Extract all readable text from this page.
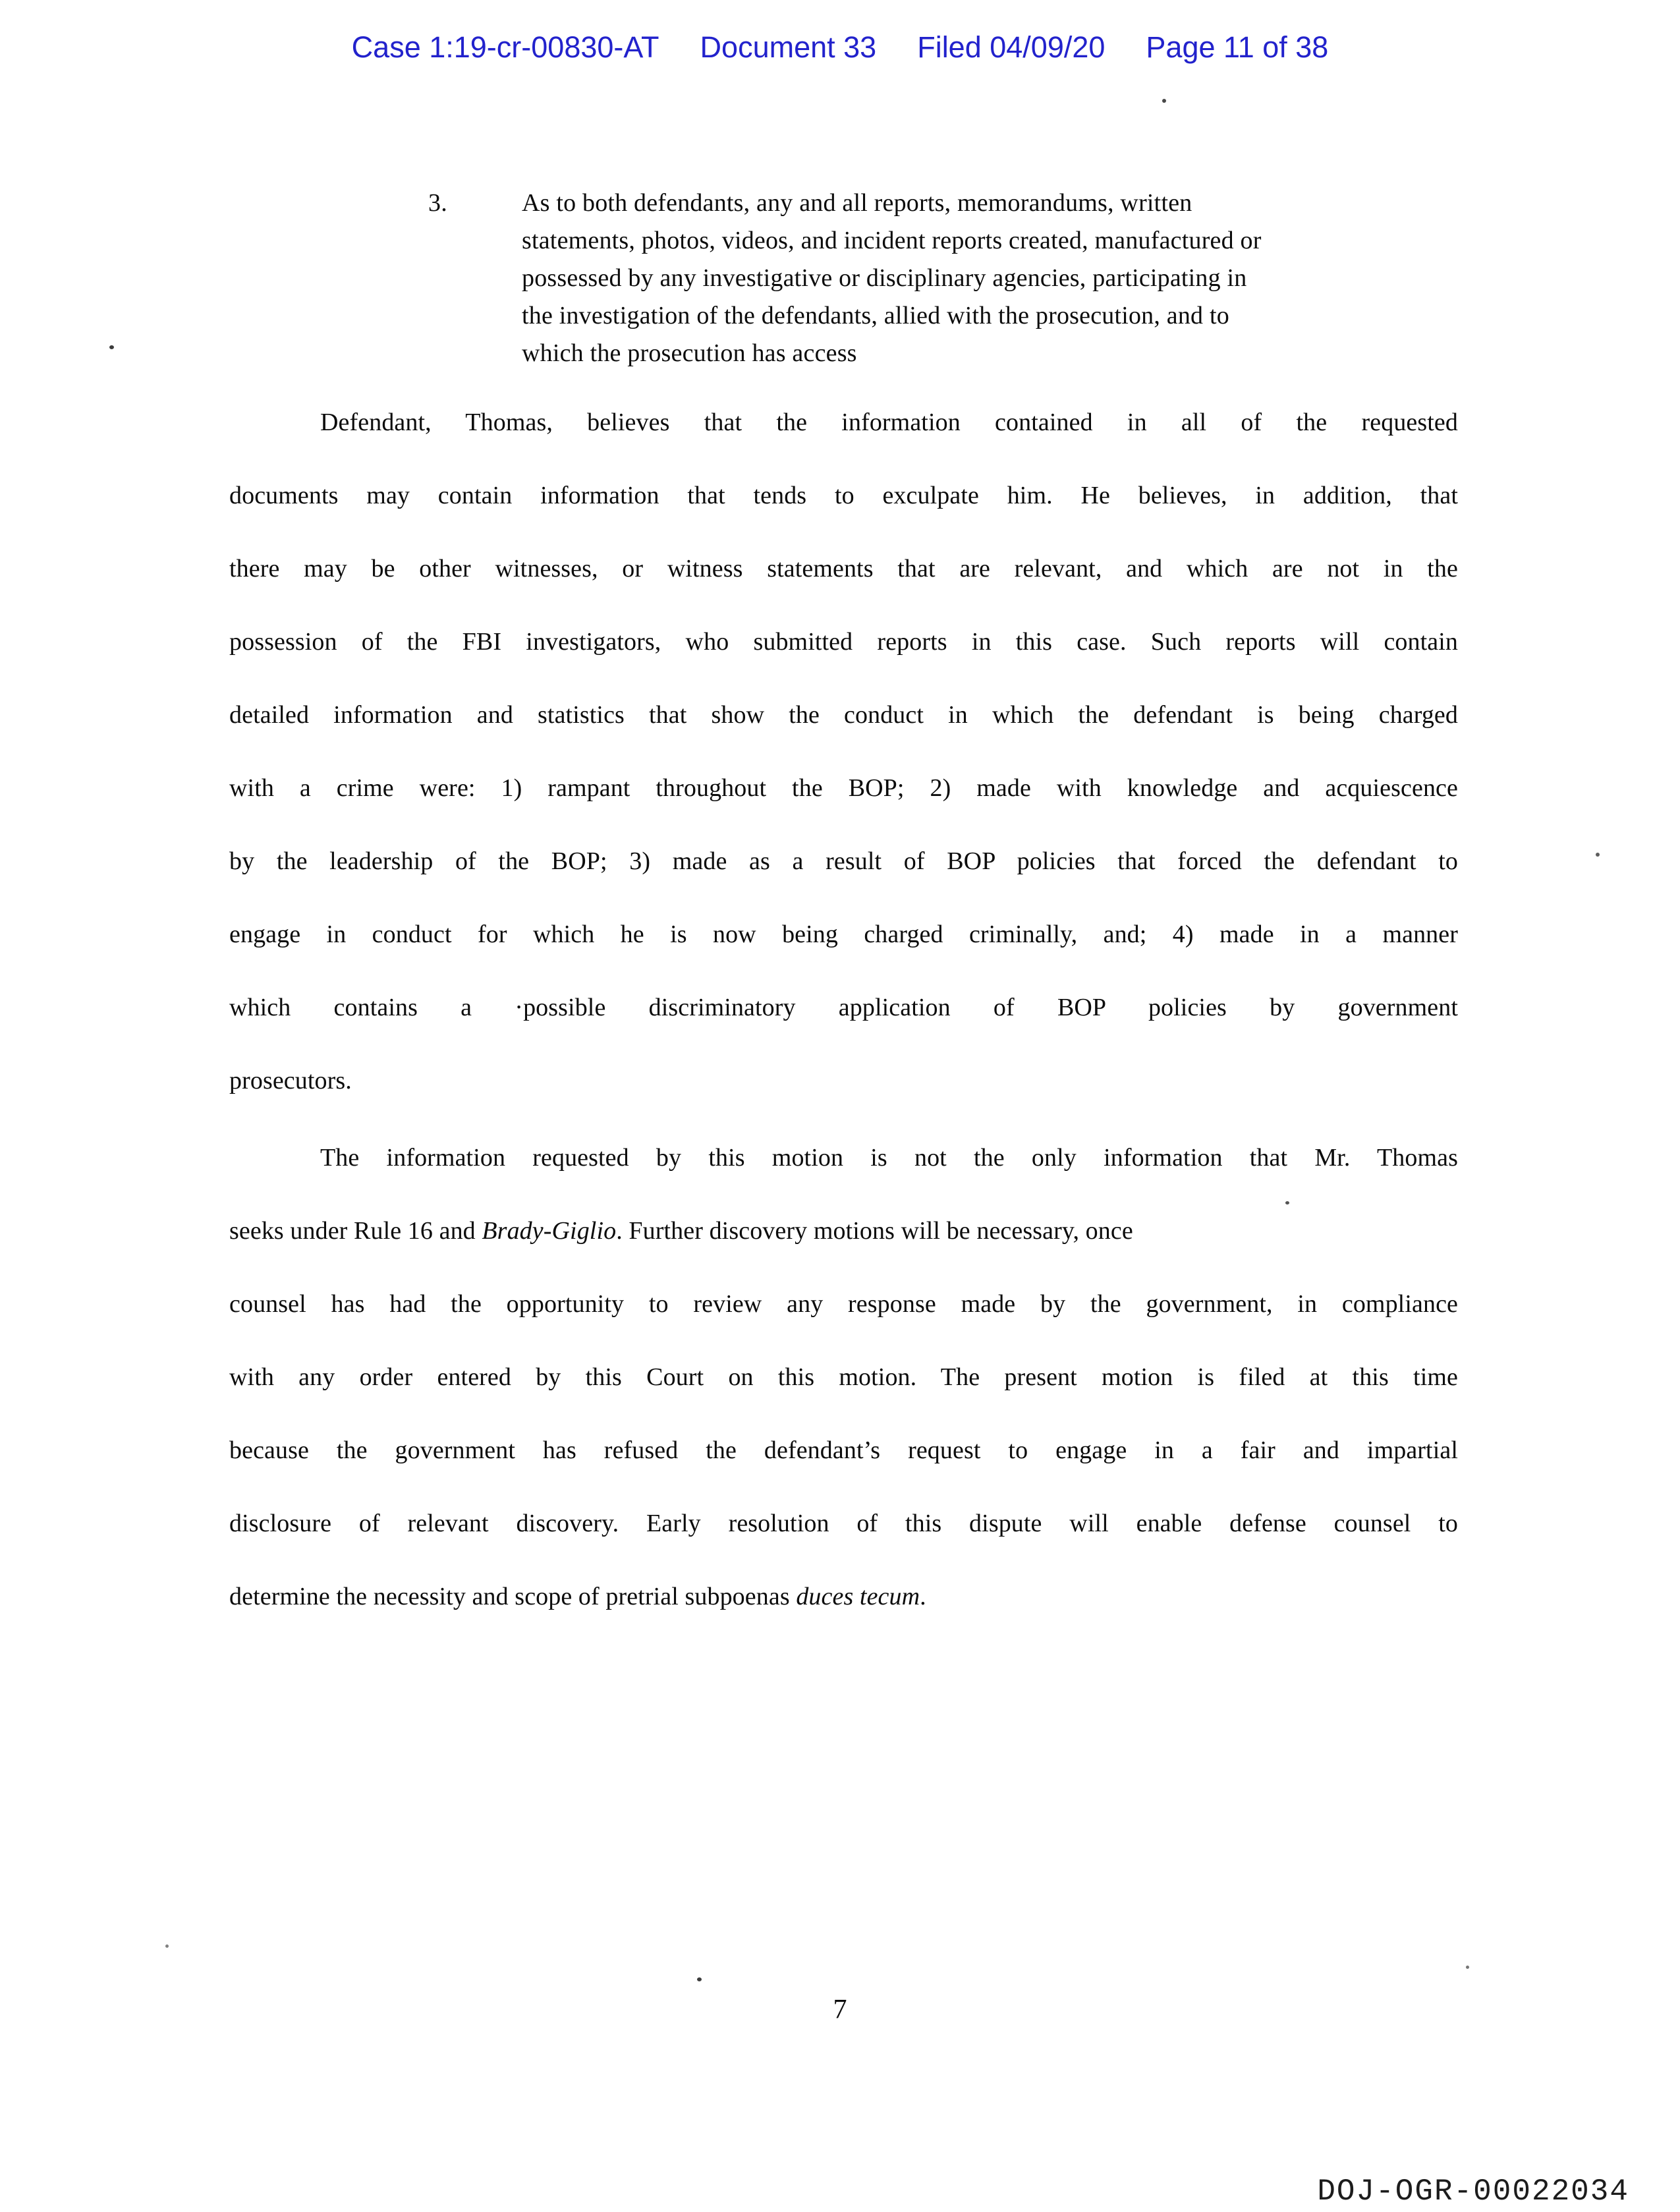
Case 1:19-cr-00830-AT Document 33 Filed 04/09/20 Page 11 of 38
3.	As to both defendants, any and all reports, memorandums, written
statements, photos, videos, and incident reports created, manufactured or
possessed by any investigative or disciplinary agencies, participating in
the investigation of the defendants, allied with the prosecution, and to
which the prosecution has access
Defendant, Thomas, believes that the information contained in all of the requested
documents may contain information that tends to exculpate him. He believes, in addition, that
there may be other witnesses, or witness statements that are relevant, and which are not in the
possession of the FBI investigators, who submitted reports in this case. Such reports will contain
detailed information and statistics that show the conduct in which the defendant is being charged
with a crime were: 1) rampant throughout the BOP; 2) made with knowledge and acquiescence
by the leadership of the BOP; 3) made as a result of BOP policies that forced the defendant to
engage in conduct for which he is now being charged criminally, and; 4) made in a manner
which contains a ·possible discriminatory application of BOP policies by government
prosecutors.
The information requested by this motion is not the only information that Mr. Thomas
seeks under Rule 16 and Brady-Giglio. Further discovery motions will be necessary, once
counsel has had the opportunity to review any response made by the government, in compliance
with any order entered by this Court on this motion. The present motion is filed at this time
because the government has refused the defendant’s request to engage in a fair and impartial
disclosure of relevant discovery. Early resolution of this dispute will enable defense counsel to
determine the necessity and scope of pretrial subpoenas duces tecum.
7
DOJ-OGR-00022034
